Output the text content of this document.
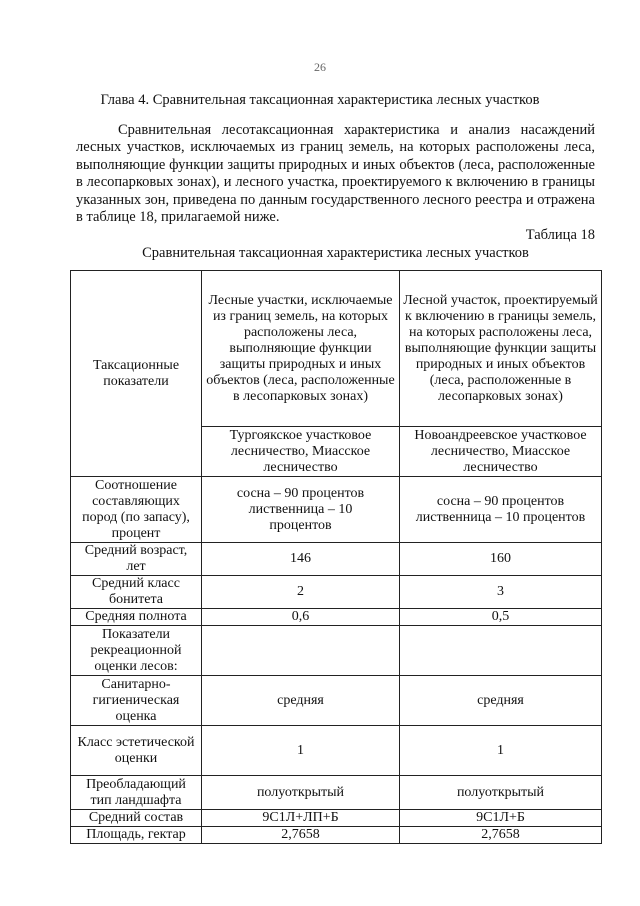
26
Глава 4. Сравнительная таксационная характеристика лесных участков

Сравнительная лесотаксационная характеристика и анализ насаждений лесных участков, исключаемых из границ земель, на которых расположены леса, выполняющие функции защиты природных и иных объектов (леса, расположенные в лесопарковых зонах), и лесного участка, проектируемого к включению в границы указанных зон, приведена по данным государственного лесного реестра и отражена в таблице 18, прилагаемой ниже.

Таблица 18
Сравнительная таксационная характеристика лесных участков
Таксационные показатели	Лесные участки, исключаемые из границ земель, на которых расположены леса, выполняющие функции защиты природных и иных объектов (леса, расположенные в лесопарковых зонах)	Лесной участок, проектируемый к включению в границы земель, на которых расположены леса, выполняющие функции защиты природных и иных объектов (леса, расположенные в лесопарковых зонах)
	Тургоякское участковое лесничество, Миасское лесничество	Новоандреевское участковое лесничество, Миасское лесничество
Соотношение составляющих пород (по запасу), процент	сосна – 90 процентов лиственница – 10 процентов	сосна – 90 процентов лиственница – 10 процентов
Средний возраст, лет	146	160
Средний класс бонитета	2	3
Средняя полнота	0,6	0,5
Показатели рекреационной оценки лесов:		
Санитарно-гигиеническая оценка	средняя	средняя
Класс эстетической оценки	1	1
Преобладающий тип ландшафта	полуоткрытый	полуоткрытый
Средний состав	9С1Л+ЛП+Б	9С1Л+Б
Площадь, гектар	2,7658	2,7658
